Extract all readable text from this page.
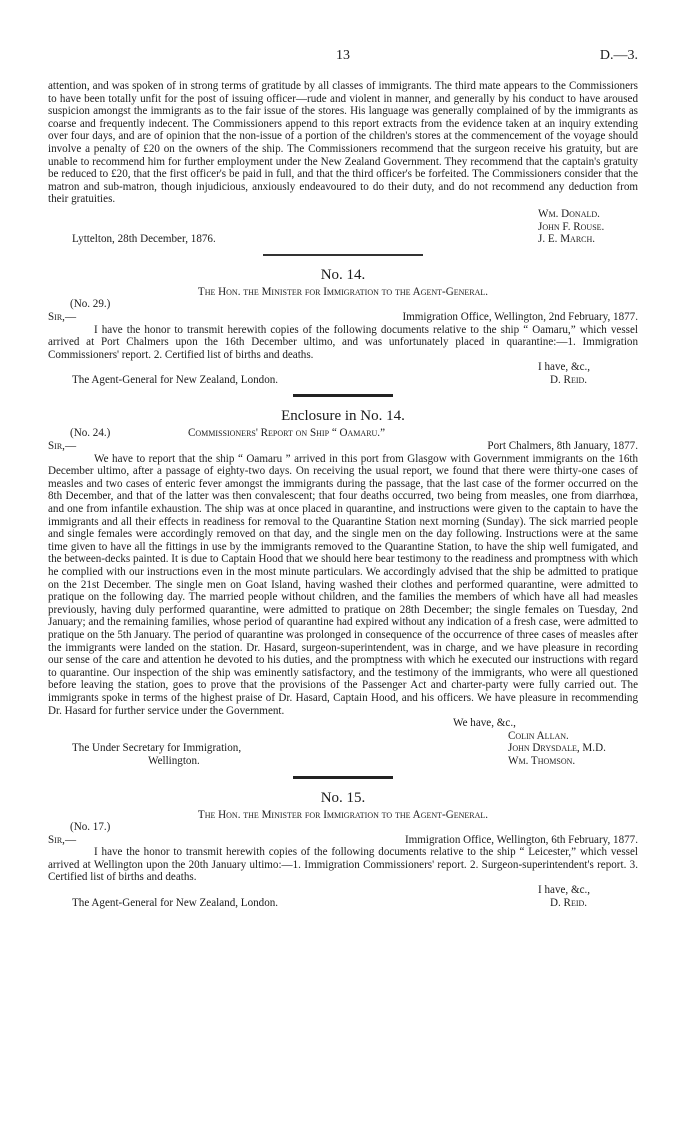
13	D.—3.

attention, and was spoken of in strong terms of gratitude by all classes of immigrants. The third mate appears to the Commissioners to have been totally unfit for the post of issuing officer—rude and violent in manner, and generally by his conduct to have aroused suspicion amongst the immigrants as to the fair issue of the stores. His language was generally complained of by the immigrants as coarse and frequently indecent. The Commissioners append to this report extracts from the evidence taken at an inquiry extending over four days, and are of opinion that the non-issue of a portion of the children's stores at the commencement of the voyage should involve a penalty of £20 on the owners of the ship. The Commissioners recommend that the surgeon receive his gratuity, but are unable to recommend him for further employment under the New Zealand Government. They recommend that the captain's gratuity be reduced to £20, that the first officer's be paid in full, and that the third officer's be forfeited. The Commissioners consider that the matron and sub-matron, though injudicious, anxiously endeavoured to do their duty, and do not recommend any deduction from their gratuities.

Wm. Donald.
John F. Rouse.
Lyttelton, 28th December, 1876.	J. E. March.
No. 14.
The Hon. the Minister for Immigration to the Agent-General.
(No. 29.)
Sir,—	Immigration Office, Wellington, 2nd February, 1877.

I have the honor to transmit herewith copies of the following documents relative to the ship “ Oamaru,” which vessel arrived at Port Chalmers upon the 16th December ultimo, and was unfortunately placed in quarantine:—1. Immigration Commissioners' report. 2. Certified list of births and deaths.

I have, &c.,
The Agent-General for New Zealand, London.	D. Reid.
Enclosure in No. 14.
(No. 24.)	Commissioners' Report on Ship “ Oamaru.”
Sir,—	Port Chalmers, 8th January, 1877.

We have to report that the ship “ Oamaru ” arrived in this port from Glasgow with Government immigrants on the 16th December ultimo, after a passage of eighty-two days. On receiving the usual report, we found that there were thirty-one cases of measles and two cases of enteric fever amongst the immigrants during the passage, that the last case of the former occurred on the 8th December, and that of the latter was then convalescent; that four deaths occurred, two being from measles, one from diarrhœa, and one from infantile exhaustion. The ship was at once placed in quarantine, and instructions were given to the captain to have the immigrants and all their effects in readiness for removal to the Quarantine Station next morning (Sunday). The sick married people and single females were accordingly removed on that day, and the single men on the day following. Instructions were at the same time given to have all the fittings in use by the immigrants removed to the Quarantine Station, to have the ship well fumigated, and the between-decks painted. It is due to Captain Hood that we should here bear testimony to the readiness and promptness with which he complied with our instructions even in the most minute particulars. We accordingly advised that the ship be admitted to pratique on the 21st December. The single men on Goat Island, having washed their clothes and performed quarantine, were admitted to pratique on the following day. The married people without children, and the families the members of which have all had measles previously, having duly performed quarantine, were admitted to pratique on 28th December; the single females on Tuesday, 2nd January; and the remaining families, whose period of quarantine had expired without any indication of a fresh case, were admitted to pratique on the 5th January. The period of quarantine was prolonged in consequence of the occurrence of three cases of measles after the immigrants were landed on the station. Dr. Hasard, surgeon-superintendent, was in charge, and we have pleasure in recording our sense of the care and attention he devoted to his duties, and the promptness with which he executed our instructions with regard to quarantine. Our inspection of the ship was eminently satisfactory, and the testimony of the immigrants, who were all questioned before leaving the station, goes to prove that the provisions of the Passenger Act and charter-party were fully carried out. The immigrants spoke in terms of the highest praise of Dr. Hasard, Captain Hood, and his officers. We have pleasure in recommending Dr. Hasard for further service under the Government.

We have, &c.,
Colin Allan.
The Under Secretary for Immigration,	John Drysdale, M.D.
Wellington.	Wm. Thomson.
No. 15.
The Hon. the Minister for Immigration to the Agent-General.
(No. 17.)
Sir,—	Immigration Office, Wellington, 6th February, 1877.

I have the honor to transmit herewith copies of the following documents relative to the ship “ Leicester,” which vessel arrived at Wellington upon the 20th January ultimo:—1. Immigration Commissioners' report. 2. Surgeon-superintendent's report. 3. Certified list of births and deaths.

I have, &c.,
The Agent-General for New Zealand, London.	D. Reid.
